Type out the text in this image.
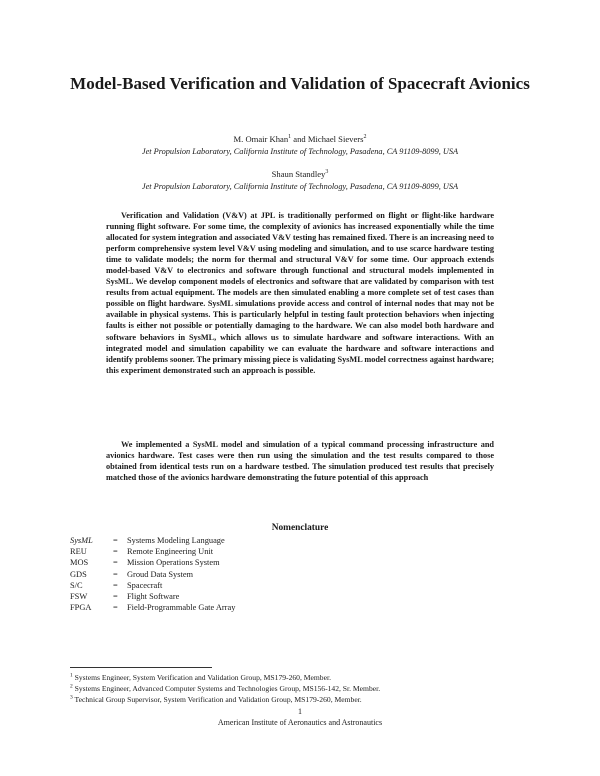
Model-Based Verification and Validation of Spacecraft Avionics
M. Omair Khan$^1$ and Michael Sievers$^2$
Jet Propulsion Laboratory, California Institute of Technology, Pasadena, CA 91109-8099, USA
Shaun Standley$^3$
Jet Propulsion Laboratory, California Institute of Technology, Pasadena, CA 91109-8099, USA

Verification and Validation (V&V) at JPL is traditionally performed on flight or flight-like hardware running flight software. For some time, the complexity of avionics has increased exponentially while the time allocated for system integration and associated V&V testing has remained fixed. There is an increasing need to perform comprehensive system level V&V using modeling and simulation, and to use scarce hardware testing time to validate models; the norm for thermal and structural V&V for some time. Our approach extends model-based V&V to electronics and software through functional and structural models implemented in SysML. We develop component models of electronics and software that are validated by comparison with test results from actual equipment. The models are then simulated enabling a more complete set of test cases than possible on flight hardware. SysML simulations provide access and control of internal nodes that may not be available in physical systems. This is particularly helpful in testing fault protection behaviors when injecting faults is either not possible or potentially damaging to the hardware. We can also model both hardware and software behaviors in SysML, which allows us to simulate hardware and software interactions. With an integrated model and simulation capability we can evaluate the hardware and software interactions and identify problems sooner. The primary missing piece is validating SysML model correctness against hardware; this experiment demonstrated such an approach is possible.

We implemented a SysML model and simulation of a typical command processing infrastructure and avionics hardware. Test cases were then run using the simulation and the test results compared to those obtained from identical tests run on a hardware testbed. The simulation produced test results that precisely matched those of the avionics hardware demonstrating the future potential of this approach

Nomenclature
SysML	=	Systems Modeling Language
REU	=	Remote Engineering Unit
MOS	=	Mission Operations System
GDS	=	Groud Data System
S/C	=	Spacecraft
FSW	=	Flight Software
FPGA	=	Field-Programmable Gate Array
$^1$ Systems Engineer, System Verification and Validation Group, MS179-260, Member.
$^2$ Systems Engineer, Advanced Computer Systems and Technologies Group, MS156-142, Sr. Member.
$^3$ Technical Group Supervisor, System Verification and Validation Group, MS179-260, Member.
1
American Institute of Aeronautics and Astronautics
